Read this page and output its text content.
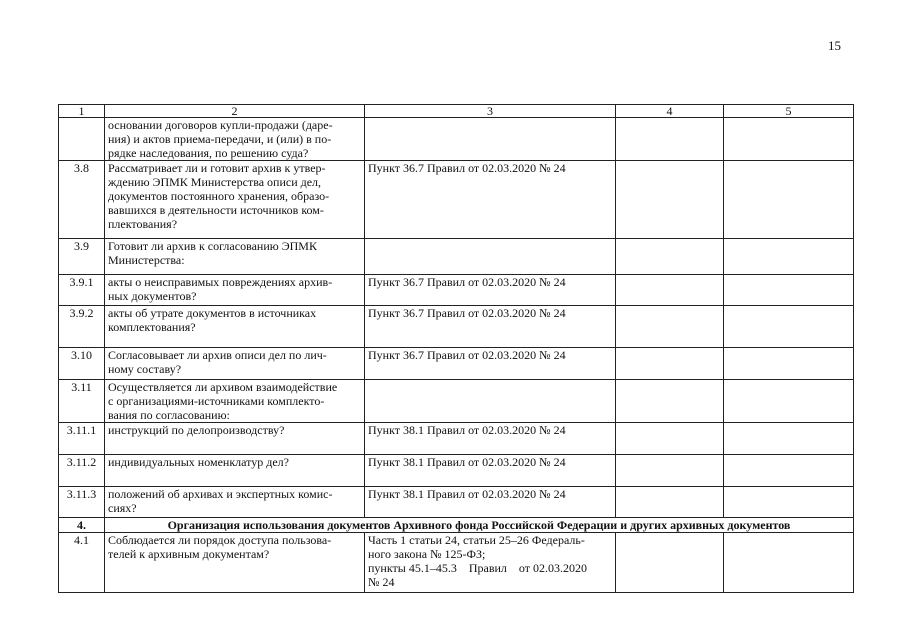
15
1	2	3	4	5

	основании договоров купли-продажи (даре-
ния) и актов приема-передачи, и (или) в по-
рядке наследования, по решению суда?			

3.8	Рассматривает ли и готовит архив к утвер-
ждению ЭПМК Министерства описи дел,
документов постоянного хранения, образо-
вавшихся в деятельности источников ком-
плектования?	Пункт 36.7 Правил от 02.03.2020 № 24		

3.9	Готовит ли архив к согласованию ЭПМК
Министерства:			

3.9.1	акты о неисправимых повреждениях архив-
ных документов?	Пункт 36.7 Правил от 02.03.2020 № 24		

3.9.2	акты об утрате документов в источниках
комплектования?	Пункт 36.7 Правил от 02.03.2020 № 24		

3.10	Согласовывает ли архив описи дел по лич-
ному составу?	Пункт 36.7 Правил от 02.03.2020 № 24		

3.11	Осуществляется ли архивом взаимодействие
с организациями-источниками комплекто-
вания по согласованию:			

3.11.1	инструкций по делопроизводству?	Пункт 38.1 Правил от 02.03.2020 № 24		

3.11.2	индивидуальных номенклатур дел?	Пункт 38.1 Правил от 02.03.2020 № 24		

3.11.3	положений об архивах и экспертных комис-
сиях?	Пункт 38.1 Правил от 02.03.2020 № 24		

4.	Организация использования документов Архивного фонда Российской Федерации и других архивных документов			
4.1	Соблюдается ли порядок доступа пользова-
телей к архивным документам?	Часть 1 статьи 24, статьи 25–26 Федераль-
ного закона № 125-ФЗ;
пункты 45.1–45.3    Правил    от 02.03.2020
№ 24		
